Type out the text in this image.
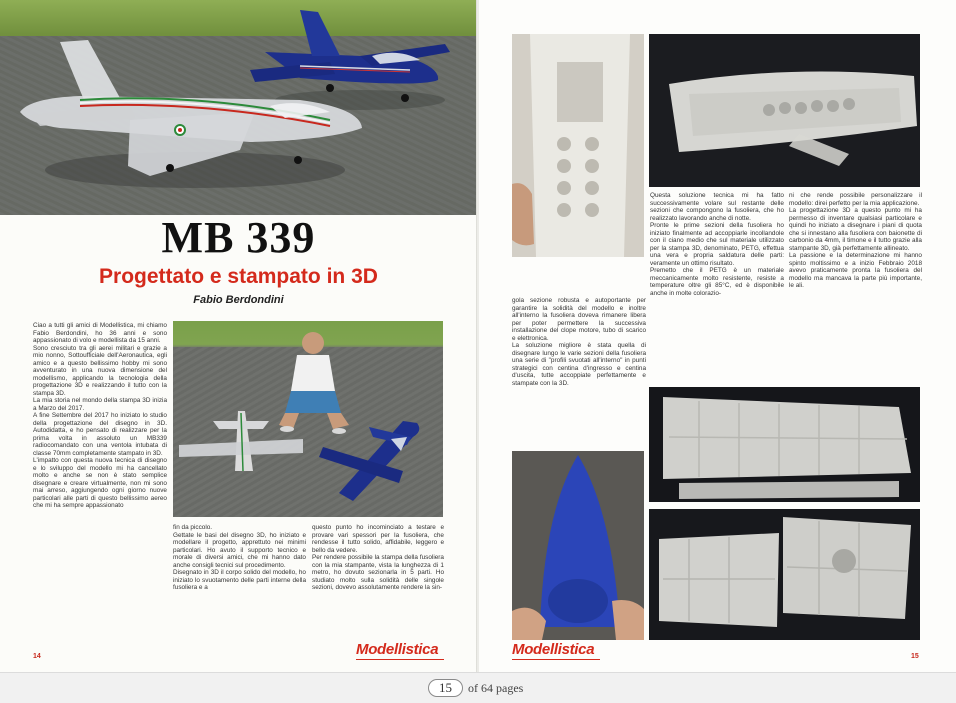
MB 339
Progettato e stampato in 3D
Fabio Berdondini

Ciao a tutti gli amici di Modellistica, mi chiamo Fabio Berdondini, ho 36 anni e sono appassionato di volo e modellista da 15 anni.

Sono cresciuto tra gli aerei militari e grazie a mio nonno, Sottoufficiale dell'Aeronautica, egli amico e a questo bellissimo hobby mi sono avventurato in una nuova dimensione del modellismo, applicando la tecnologia della progettazione 3D e realizzando il tutto con la stampa 3D.

La mia storia nel mondo della stampa 3D inizia a Marzo del 2017.

A fine Settembre del 2017 ho iniziato lo studio della progettazione del disegno in 3D. Autodidatta, e ho pensato di realizzare per la prima volta in assoluto un MB339 radiocomandato con una ventola intubata di classe 70mm completamente stampato in 3D.

L'impatto con questa nuova tecnica di disegno e lo sviluppo del modello mi ha cancellato molto e anche se non è stato semplice disegnare e creare virtualmente, non mi sono mai arreso, aggiungendo ogni giorno nuove particolari alle parti di questo bellissimo aereo che mi ha sempre appassionato

fin da piccolo.

Gettate le basi del disegno 3D, ho iniziato e modellare il progetto, apprettuto nei minimi particolari. Ho avuto il supporto tecnico e morale di diversi amici, che mi hanno dato anche consigli tecnici sul procedimento.

Disegnato in 3D il corpo solido del modello, ho iniziato lo svuotamento delle parti interne della fusoliera e a

questo punto ho incominciato a testare e provare vari spessori per la fusoliera, che rendesse il tutto solido, affidabile, leggero e bello da vedere.

Per rendere possibile la stampa della fusoliera con la mia stampante, vista la lunghezza di 1 metro, ho dovuto sezionarla in 5 parti. Ho studiato molto sulla solidità delle singole sezioni, dovevo assolutamente rendere la sin-

14	Modellistica

gola sezione robusta e autoportante per garantire la solidità del modello e inoltre all'interno la fusoliera doveva rimanere libera per poter permettere la successiva installazione del clope motore, tubo di scarico e elettronica.

La soluzione migliore è stata quella di disegnare lungo le varie sezioni della fusoliera una serie di "profili svuotati all'interno" in punti strategici con centina d'ingresso e centina d'uscita, tutte accoppiate perfettamente e stampate con la 3D.

Questa soluzione tecnica mi ha fatto successivamente volare sul restante delle sezioni che compongono la fusoliera, che ho realizzato lavorando anche di notte.

Pronte le prime sezioni della fusoliera ho iniziato finalmente ad accoppiarle incollandole con il ciano medio che sul materiale utilizzato per la stampa 3D, denominato, PETG, effettua una vera e propria saldatura delle parti: veramente un ottimo risultato.

Premetto che il PETG è un materiale meccanicamente molto resistente, resiste a temperature oltre gli 85°C, ed è disponibile anche in molte colorazio-

ni che rende possibile personalizzare il modello: direi perfetto per la mia applicazione.

La progettazione 3D a questo punto mi ha permesso di inventare qualsiasi particolare e quindi ho iniziato a disegnare i piani di quota che si innestano alla fusoliera con baionette di carbonio da 4mm, il timone e il tutto grazie alla stampante 3D, già perfettamente allineato.

La passione e la determinazione mi hanno spinto moltissimo e a inizio Febbraio 2018 avevo praticamente pronta la fusoliera del modello ma mancava la parte più importante, le ali.

Modellistica	15
15
of 64 pages
